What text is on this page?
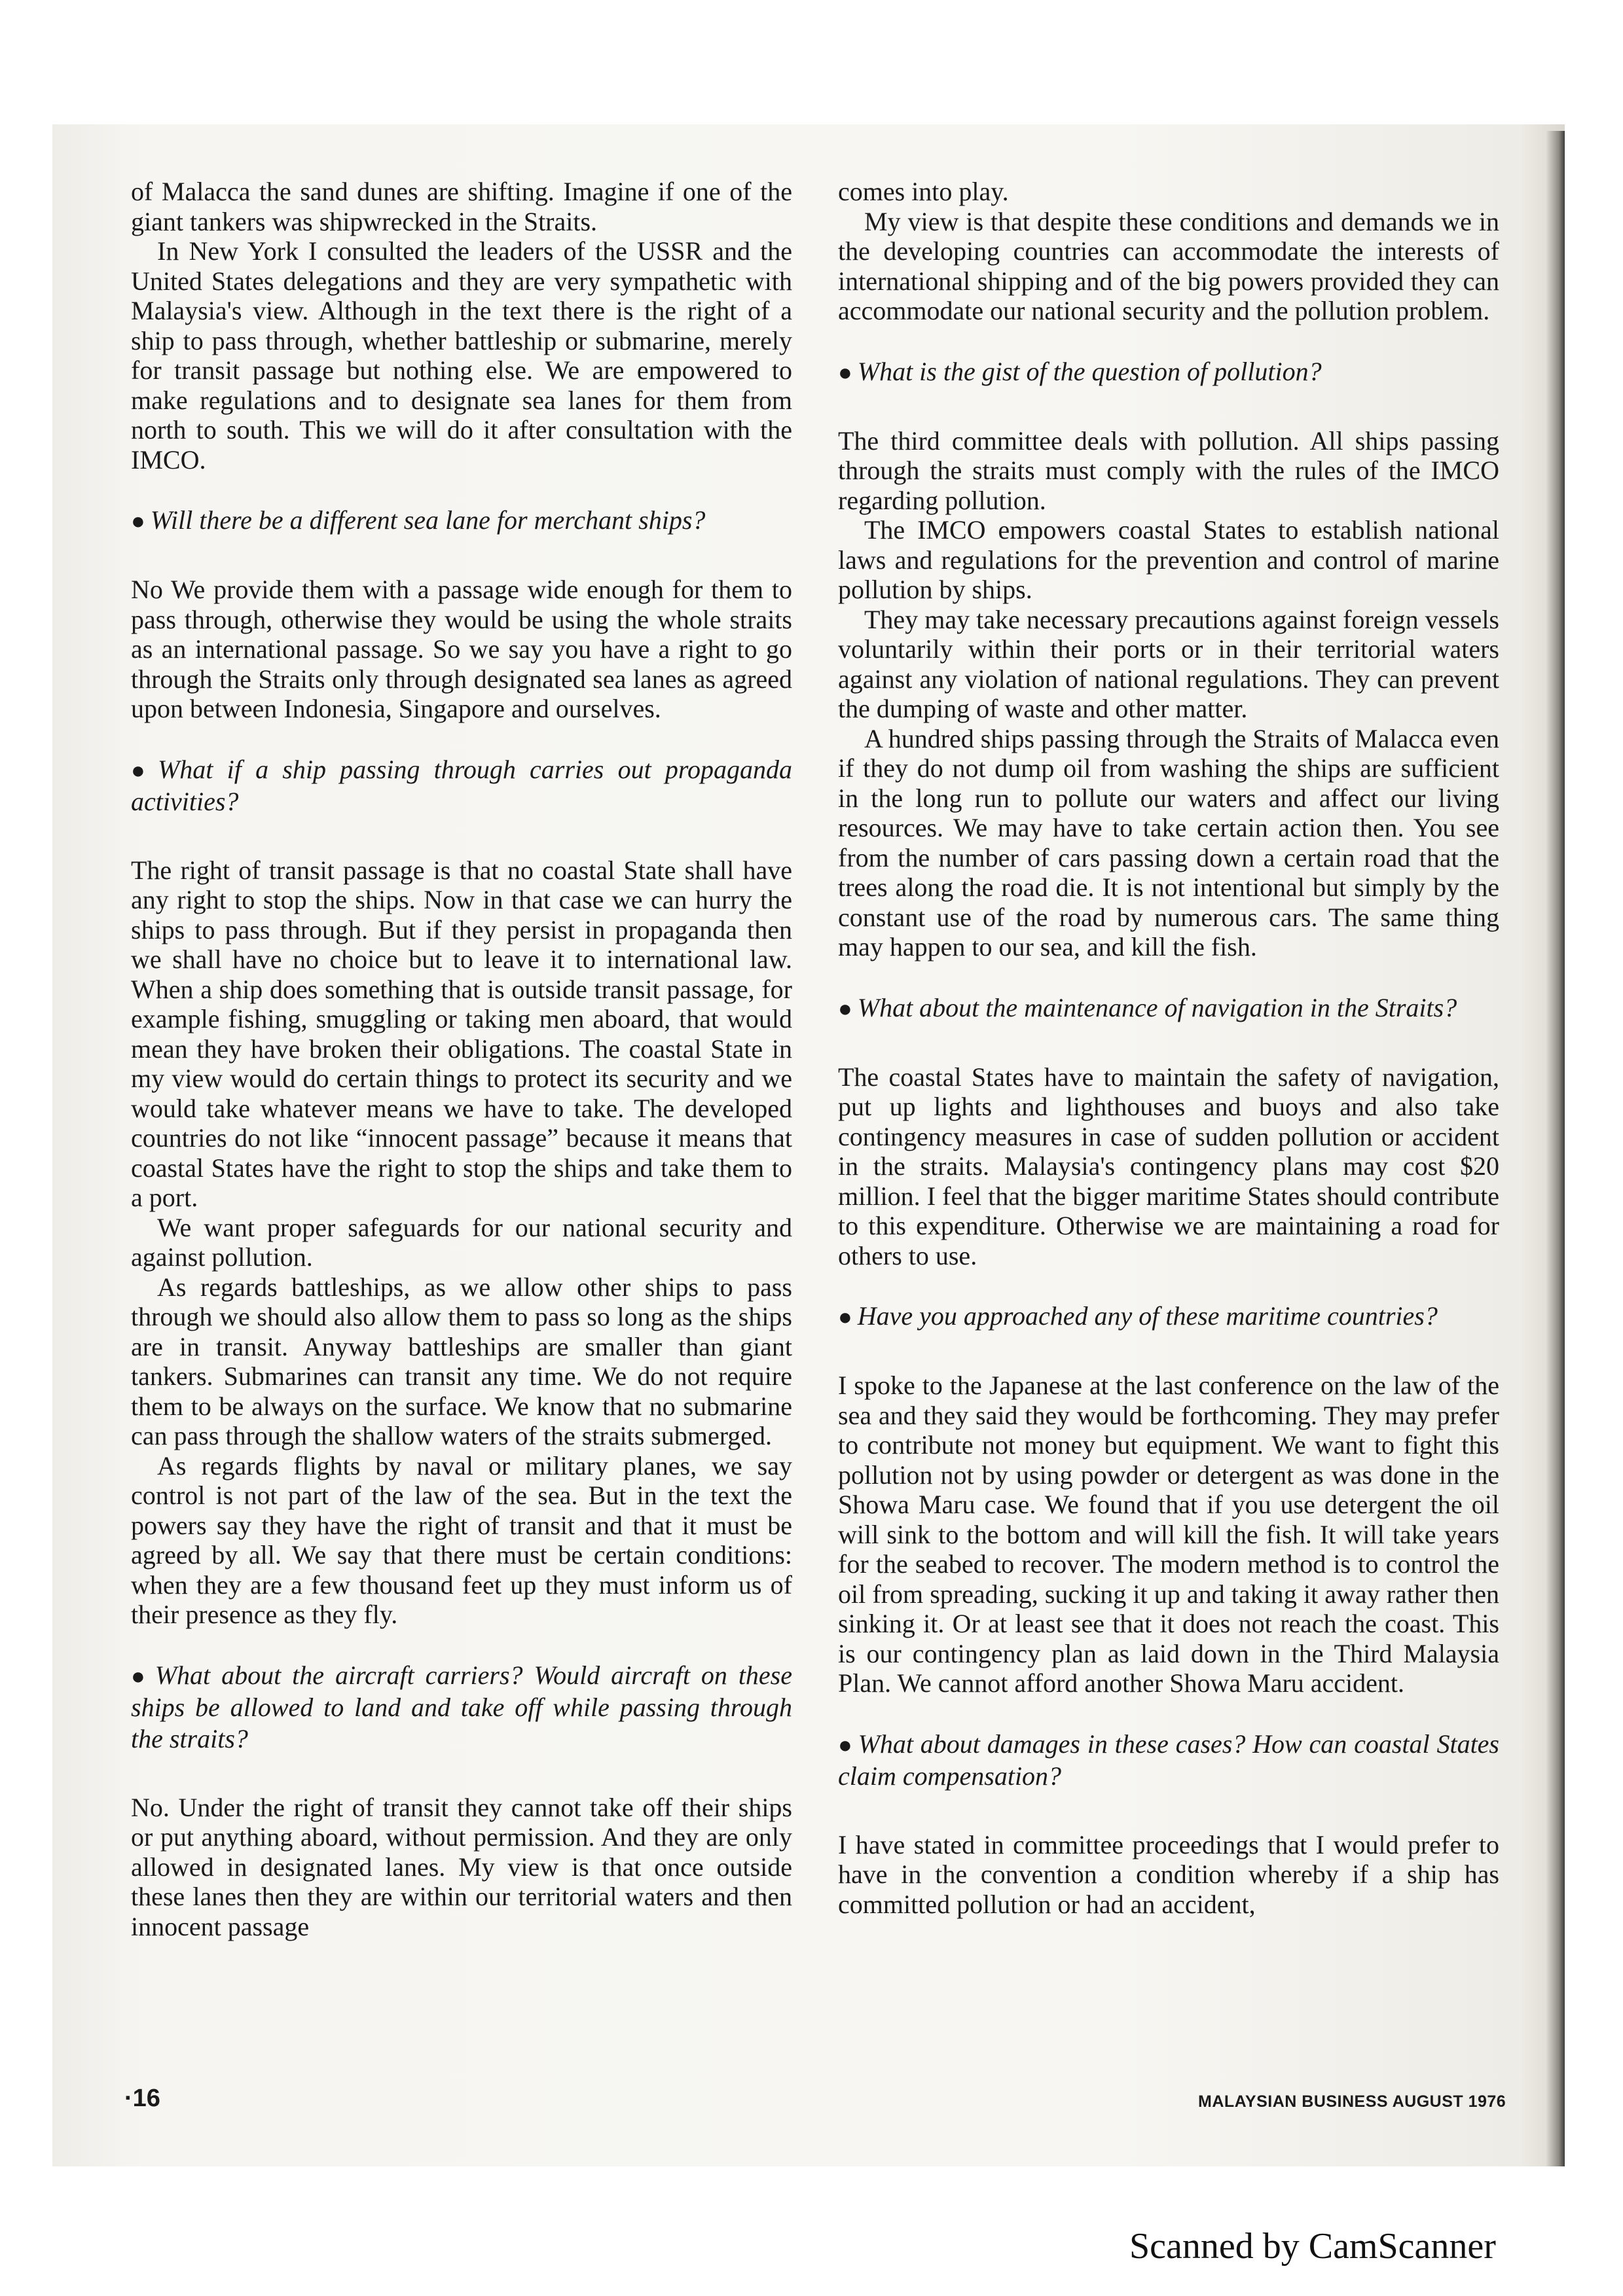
of Malacca the sand dunes are shifting. Imagine if one of the giant tankers was shipwrecked in the Straits.

In New York I consulted the leaders of the USSR and the United States delegations and they are very sympathetic with Malaysia's view. Although in the text there is the right of a ship to pass through, whether battleship or submarine, merely for transit passage but nothing else. We are empowered to make regulations and to designate sea lanes for them from north to south. This we will do it after consultation with the IMCO.

● Will there be a different sea lane for merchant ships?

No We provide them with a passage wide enough for them to pass through, otherwise they would be using the whole straits as an international passage. So we say you have a right to go through the Straits only through designated sea lanes as agreed upon between Indonesia, Singapore and ourselves.

● What if a ship passing through carries out propaganda activities?

The right of transit passage is that no coastal State shall have any right to stop the ships. Now in that case we can hurry the ships to pass through. But if they persist in propaganda then we shall have no choice but to leave it to international law. When a ship does something that is outside transit passage, for example fishing, smuggling or taking men aboard, that would mean they have broken their obligations. The coastal State in my view would do certain things to protect its security and we would take whatever means we have to take. The developed countries do not like “innocent passage” because it means that coastal States have the right to stop the ships and take them to a port.

We want proper safeguards for our national security and against pollution.

As regards battleships, as we allow other ships to pass through we should also allow them to pass so long as the ships are in transit. Anyway battleships are smaller than giant tankers. Submarines can transit any time. We do not require them to be always on the surface. We know that no submarine can pass through the shallow waters of the straits submerged.

As regards flights by naval or military planes, we say control is not part of the law of the sea. But in the text the powers say they have the right of transit and that it must be agreed by all. We say that there must be certain conditions: when they are a few thousand feet up they must inform us of their presence as they fly.

● What about the aircraft carriers? Would aircraft on these ships be allowed to land and take off while passing through the straits?

No. Under the right of transit they cannot take off their ships or put anything aboard, without permission. And they are only allowed in designated lanes. My view is that once outside these lanes then they are within our territorial waters and then innocent passage

comes into play.

My view is that despite these conditions and demands we in the developing countries can accommodate the interests of international shipping and of the big powers provided they can accommodate our national security and the pollution problem.

● What is the gist of the question of pollution?

The third committee deals with pollution. All ships passing through the straits must comply with the rules of the IMCO regarding pollution.

The IMCO empowers coastal States to establish national laws and regulations for the prevention and control of marine pollution by ships.

They may take necessary precautions against foreign vessels voluntarily within their ports or in their territorial waters against any violation of national regulations. They can prevent the dumping of waste and other matter.

A hundred ships passing through the Straits of Malacca even if they do not dump oil from washing the ships are sufficient in the long run to pollute our waters and affect our living resources. We may have to take certain action then. You see from the number of cars passing down a certain road that the trees along the road die. It is not intentional but simply by the constant use of the road by numerous cars. The same thing may happen to our sea, and kill the fish.

● What about the maintenance of navigation in the Straits?

The coastal States have to maintain the safety of navigation, put up lights and lighthouses and buoys and also take contingency measures in case of sudden pollution or accident in the straits. Malaysia's contingency plans may cost $20 million. I feel that the bigger maritime States should contribute to this expenditure. Otherwise we are maintaining a road for others to use.

● Have you approached any of these maritime countries?

I spoke to the Japanese at the last conference on the law of the sea and they said they would be forthcoming. They may prefer to contribute not money but equipment. We want to fight this pollution not by using powder or detergent as was done in the Showa Maru case. We found that if you use detergent the oil will sink to the bottom and will kill the fish. It will take years for the seabed to recover. The modern method is to control the oil from spreading, sucking it up and taking it away rather then sinking it. Or at least see that it does not reach the coast. This is our contingency plan as laid down in the Third Malaysia Plan. We cannot afford another Showa Maru accident.

● What about damages in these cases? How can coastal States claim compensation?

I have stated in committee proceedings that I would prefer to have in the convention a condition whereby if a ship has committed pollution or had an accident,

·16	MALAYSIAN BUSINESS AUGUST 1976
Scanned by CamScanner
